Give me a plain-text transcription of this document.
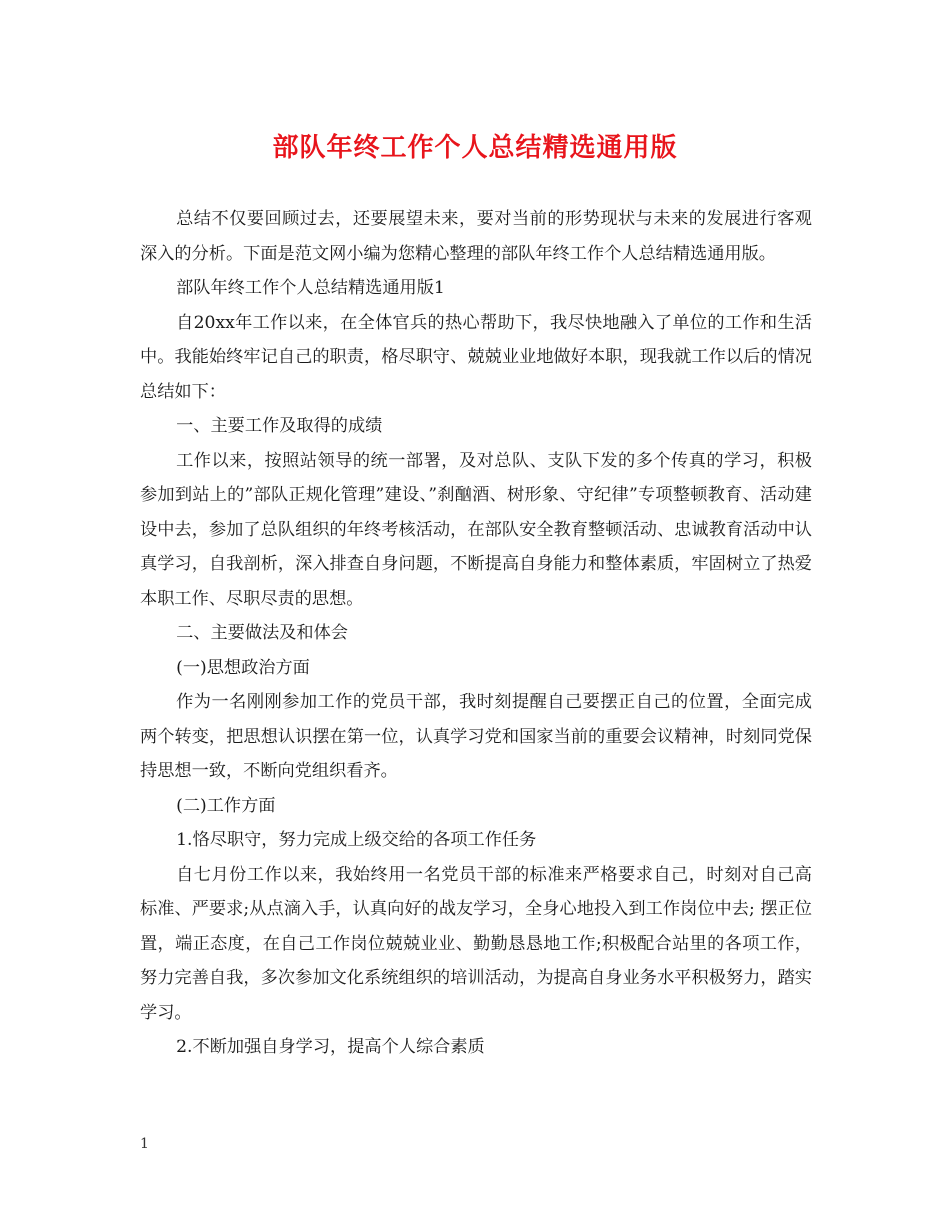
部队年终工作个人总结精选通用版

总结不仅要回顾过去，还要展望未来，要对当前的形势现状与未来的发展进行客观深入的分析。下面是范文网小编为您精心整理的部队年终工作个人总结精选通用版。

部队年终工作个人总结精选通用版1

自20xx年工作以来，在全体官兵的热心帮助下，我尽快地融入了单位的工作和生活中。我能始终牢记自己的职责，格尽职守、兢兢业业地做好本职，现我就工作以后的情况总结如下：

一、主要工作及取得的成绩

工作以来，按照站领导的统一部署，及对总队、支队下发的多个传真的学习，积极参加到站上的”部队正规化管理”建设、”刹酗酒、树形象、守纪律”专项整顿教育、活动建设中去，参加了总队组织的年终考核活动，在部队安全教育整顿活动、忠诚教育活动中认真学习，自我剖析，深入排查自身问题，不断提高自身能力和整体素质，牢固树立了热爱本职工作、尽职尽责的思想。

二、主要做法及和体会

(一)思想政治方面

作为一名刚刚参加工作的党员干部，我时刻提醒自己要摆正自己的位置，全面完成两个转变，把思想认识摆在第一位，认真学习党和国家当前的重要会议精神，时刻同党保持思想一致，不断向党组织看齐。

(二)工作方面

1.恪尽职守，努力完成上级交给的各项工作任务

自七月份工作以来，我始终用一名党员干部的标准来严格要求自己，时刻对自己高标准、严要求;从点滴入手，认真向好的战友学习，全身心地投入到工作岗位中去; 摆正位置，端正态度，在自己工作岗位兢兢业业、勤勤恳恳地工作;积极配合站里的各项工作，努力完善自我，多次参加文化系统组织的培训活动，为提高自身业务水平积极努力，踏实学习。

2.不断加强自身学习，提高个人综合素质

1
